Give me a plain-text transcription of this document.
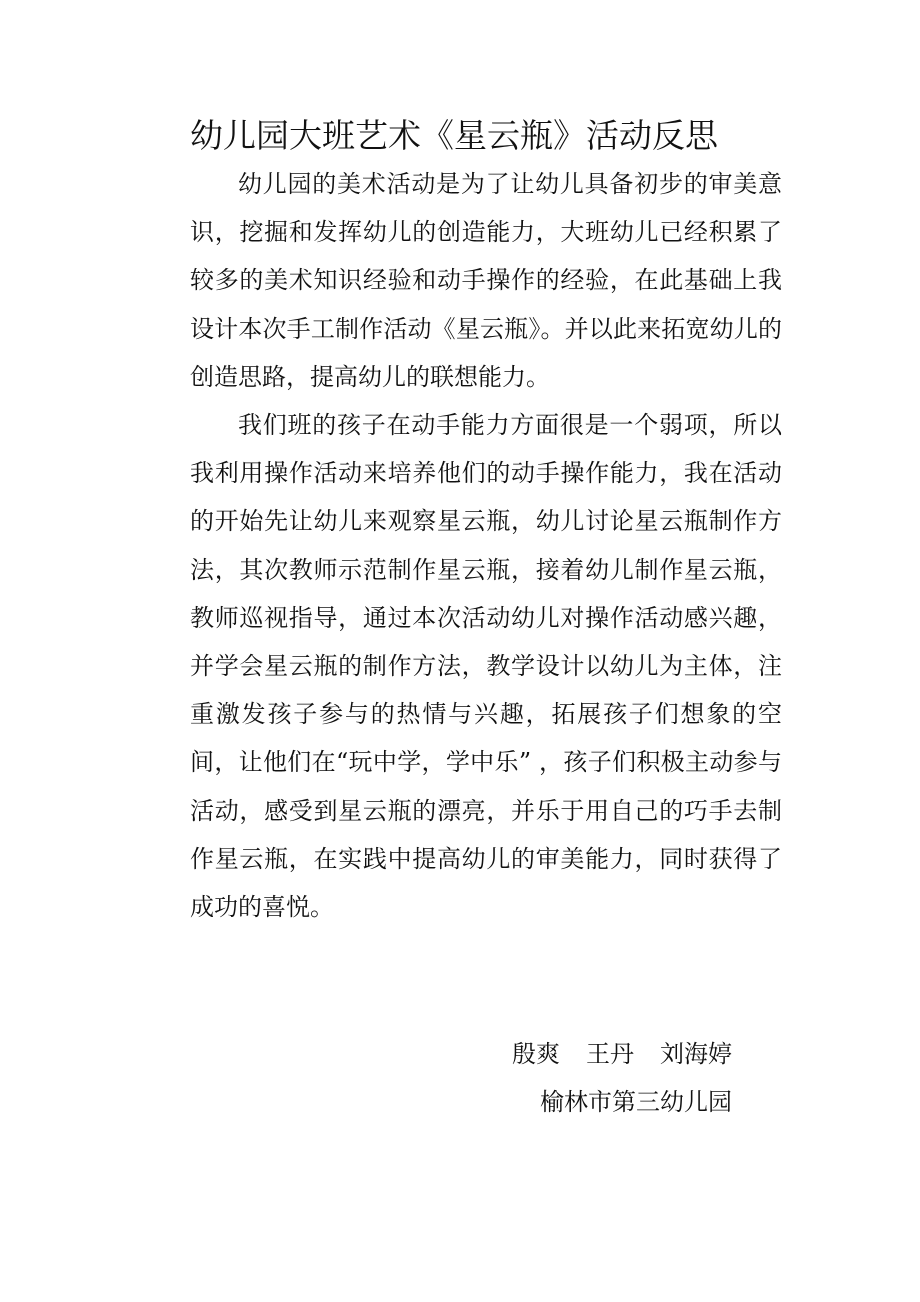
幼儿园大班艺术《星云瓶》活动反思

幼儿园的美术活动是为了让幼儿具备初步的审美意识，挖掘和发挥幼儿的创造能力，大班幼儿已经积累了较多的美术知识经验和动手操作的经验，在此基础上我设计本次手工制作活动《星云瓶》。并以此来拓宽幼儿的创造思路，提高幼儿的联想能力。

我们班的孩子在动手能力方面很是一个弱项，所以我利用操作活动来培养他们的动手操作能力，我在活动的开始先让幼儿来观察星云瓶，幼儿讨论星云瓶制作方法，其次教师示范制作星云瓶，接着幼儿制作星云瓶，教师巡视指导，通过本次活动幼儿对操作活动感兴趣，并学会星云瓶的制作方法，教学设计以幼儿为主体，注重激发孩子参与的热情与兴趣，拓展孩子们想象的空间，让他们在“玩中学，学中乐” ，孩子们积极主动参与活动，感受到星云瓶的漂亮，并乐于用自己的巧手去制作星云瓶，在实践中提高幼儿的审美能力，同时获得了成功的喜悦。

殷爽 王丹 刘海婷
榆林市第三幼儿园
